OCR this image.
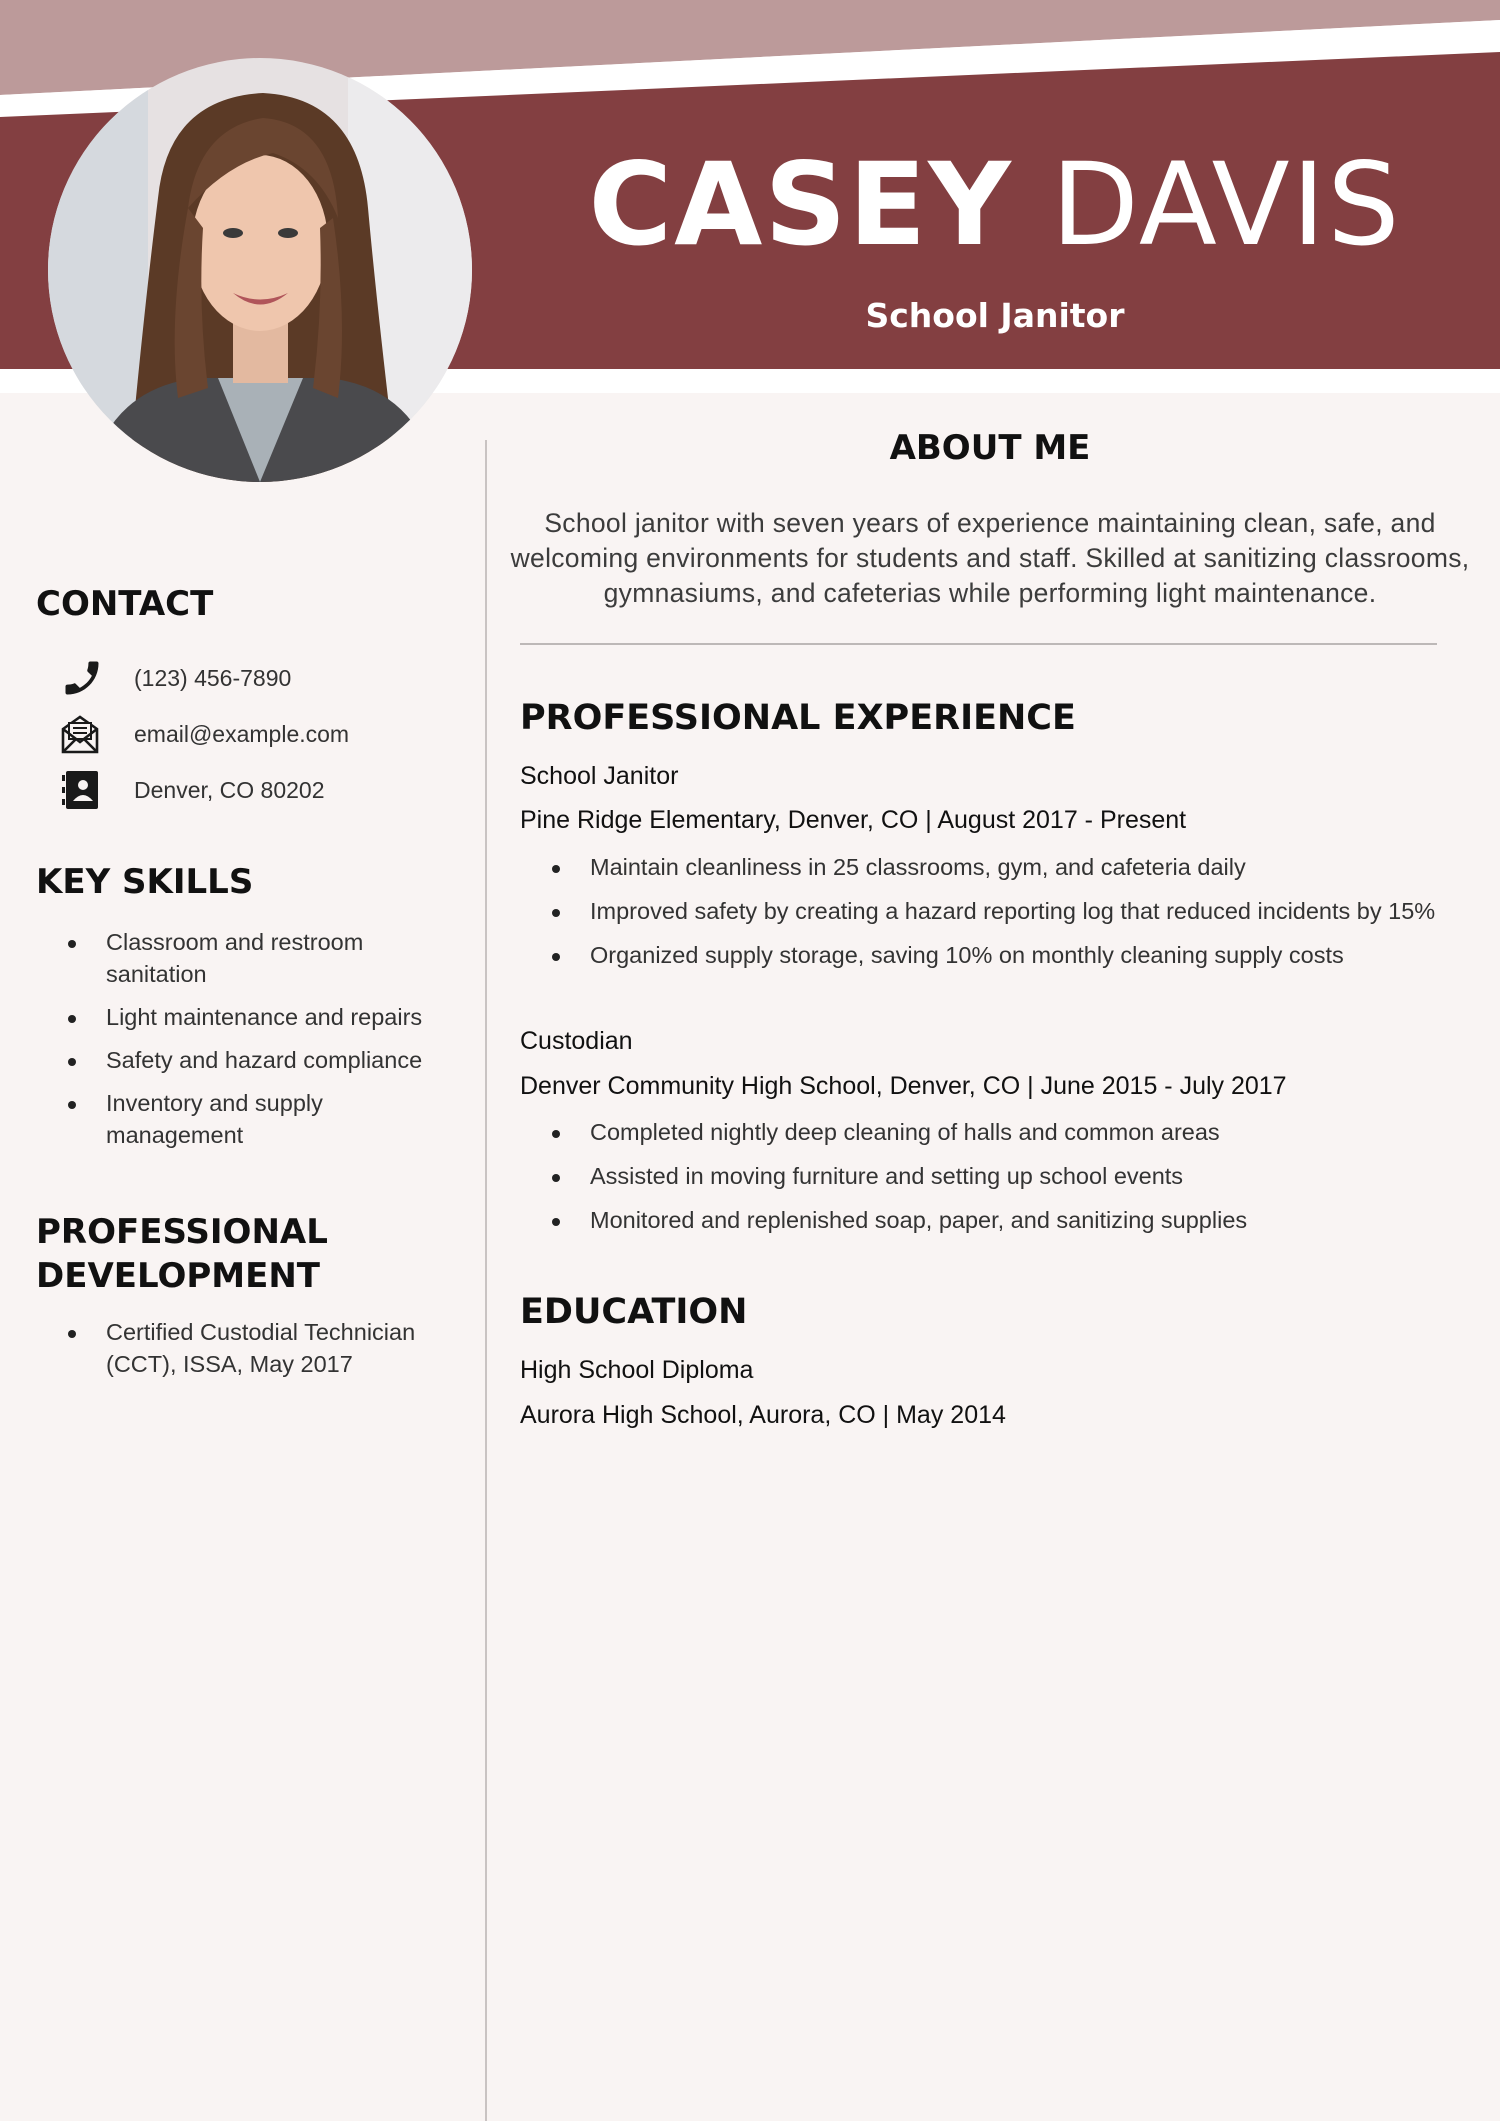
CASEY DAVIS
School Janitor
CONTACT
(123) 456-7890
email@example.com
Denver, CO 80202
KEY SKILLS
Classroom and restroom sanitation
Light maintenance and repairs
Safety and hazard compliance
Inventory and supply management
PROFESSIONAL DEVELOPMENT
Certified Custodial Technician (CCT), ISSA, May 2017
ABOUT ME
School janitor with seven years of experience maintaining clean, safe, and welcoming environments for students and staff. Skilled at sanitizing classrooms, gymnasiums, and cafeterias while performing light maintenance.
PROFESSIONAL EXPERIENCE
School Janitor
Pine Ridge Elementary, Denver, CO | August 2017 - Present
Maintain cleanliness in 25 classrooms, gym, and cafeteria daily
Improved safety by creating a hazard reporting log that reduced incidents by 15%
Organized supply storage, saving 10% on monthly cleaning supply costs
Custodian
Denver Community High School, Denver, CO | June 2015 - July 2017
Completed nightly deep cleaning of halls and common areas
Assisted in moving furniture and setting up school events
Monitored and replenished soap, paper, and sanitizing supplies
EDUCATION
High School Diploma
Aurora High School, Aurora, CO | May 2014
